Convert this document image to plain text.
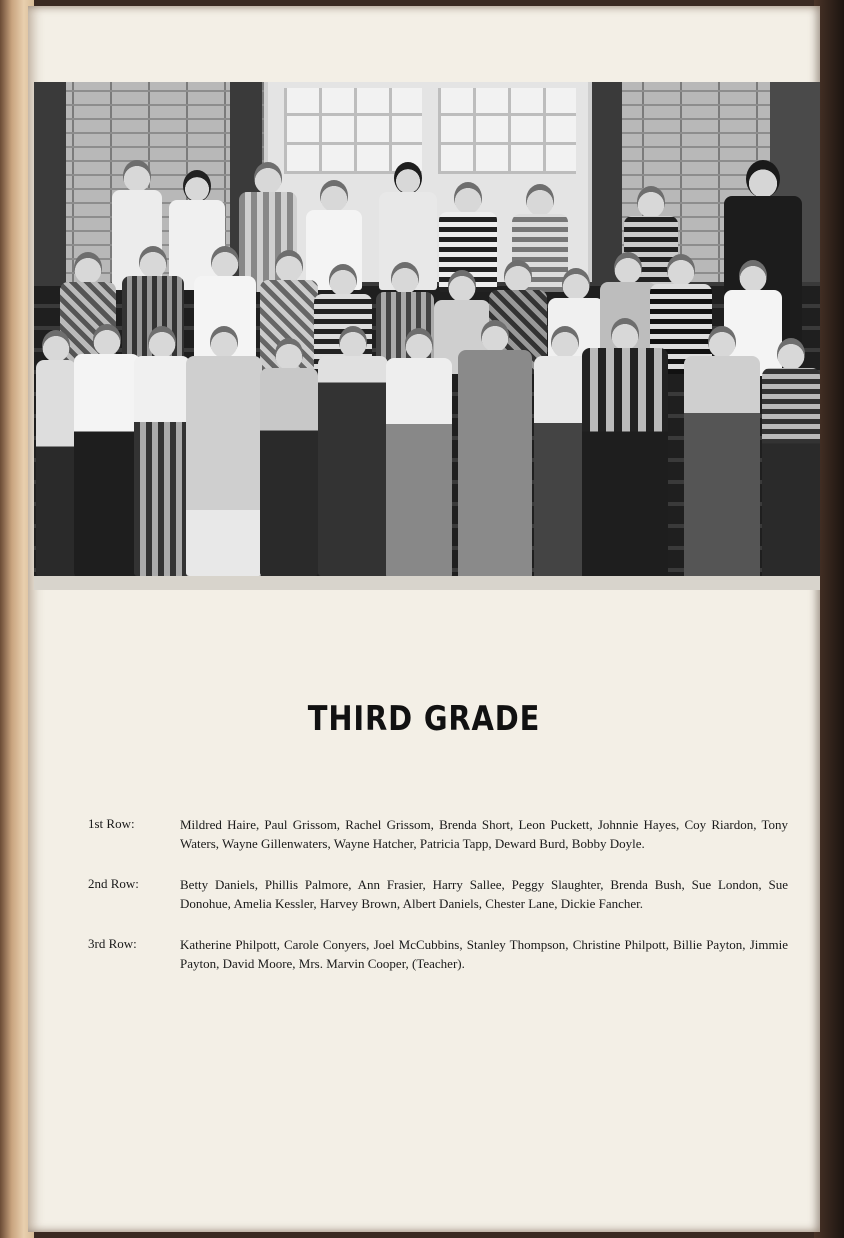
THIRD GRADE
1st Row:	Mildred Haire, Paul Grissom, Rachel Grissom, Brenda Short, Leon Puckett, Johnnie Hayes, Coy Riardon, Tony Waters, Wayne Gillenwaters, Wayne Hatcher, Patricia Tapp, Deward Burd, Bobby Doyle.
2nd Row:	Betty Daniels, Phillis Palmore, Ann Frasier, Harry Sallee, Peggy Slaughter, Brenda Bush, Sue London, Sue Donohue, Amelia Kessler, Harvey Brown, Albert Daniels, Chester Lane, Dickie Fancher.
3rd Row:	Katherine Philpott, Carole Conyers, Joel McCubbins, Stanley Thompson, Christine Philpott, Billie Payton, Jimmie Payton, David Moore, Mrs. Marvin Cooper, (Teacher).
